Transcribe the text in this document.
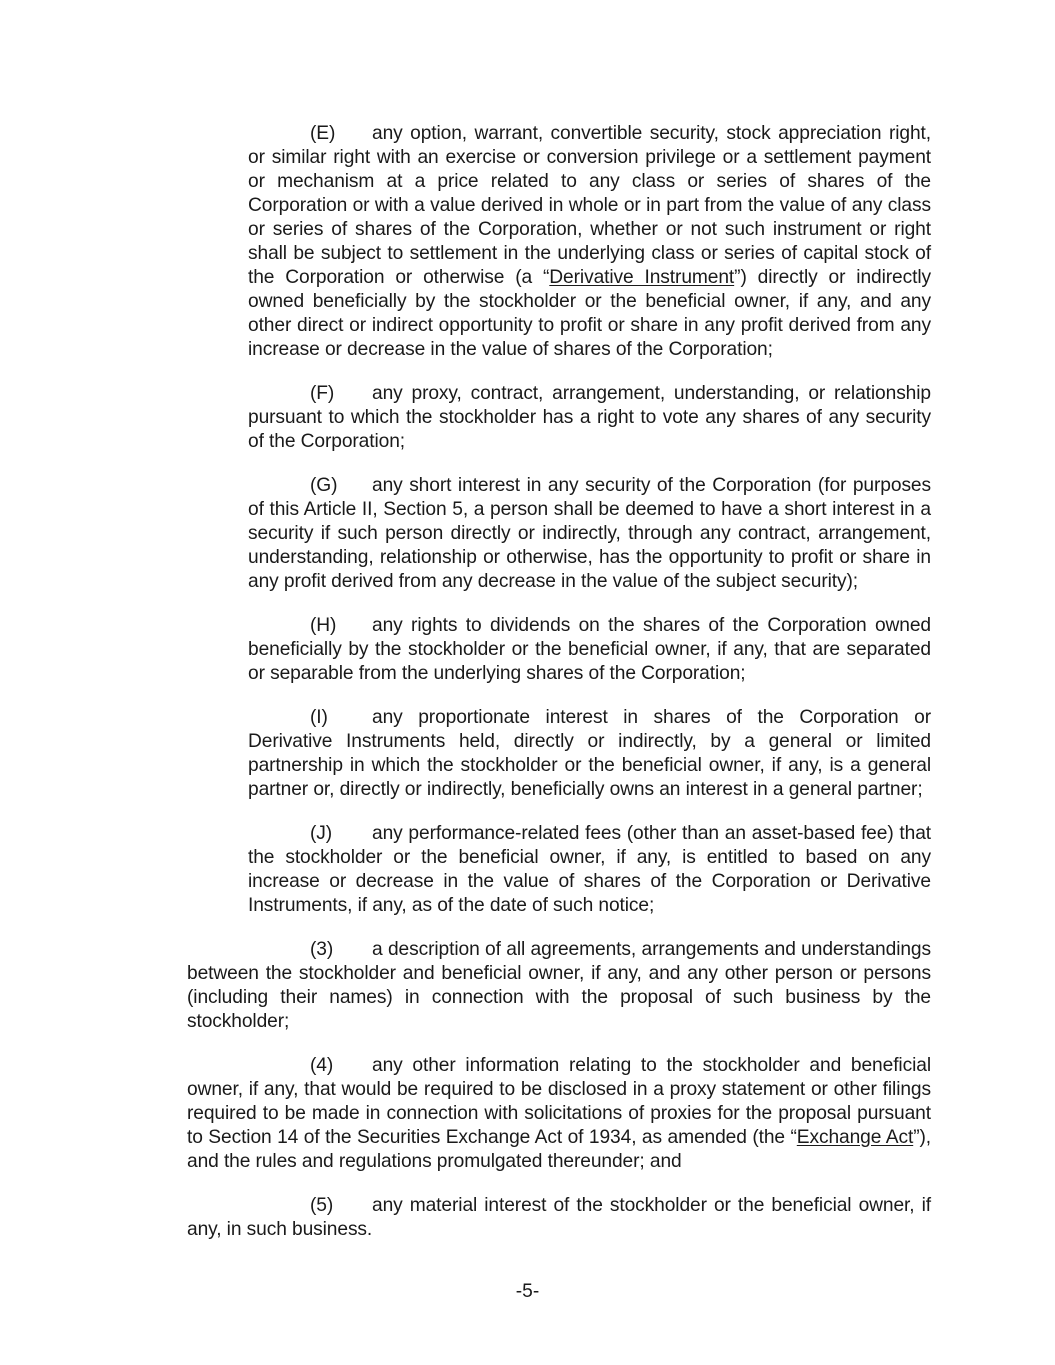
(E) any option, warrant, convertible security, stock appreciation right, or similar right with an exercise or conversion privilege or a settlement payment or mechanism at a price related to any class or series of shares of the Corporation or with a value derived in whole or in part from the value of any class or series of shares of the Corporation, whether or not such instrument or right shall be subject to settlement in the underlying class or series of capital stock of the Corporation or otherwise (a “Derivative Instrument”) directly or indirectly owned beneficially by the stockholder or the beneficial owner, if any, and any other direct or indirect opportunity to profit or share in any profit derived from any increase or decrease in the value of shares of the Corporation;

(F) any proxy, contract, arrangement, understanding, or relationship pursuant to which the stockholder has a right to vote any shares of any security of the Corporation;

(G) any short interest in any security of the Corporation (for purposes of this Article II, Section 5, a person shall be deemed to have a short interest in a security if such person directly or indirectly, through any contract, arrangement, understanding, relationship or otherwise, has the opportunity to profit or share in any profit derived from any decrease in the value of the subject security);

(H) any rights to dividends on the shares of the Corporation owned beneficially by the stockholder or the beneficial owner, if any, that are separated or separable from the underlying shares of the Corporation;

(I) any proportionate interest in shares of the Corporation or Derivative Instruments held, directly or indirectly, by a general or limited partnership in which the stockholder or the beneficial owner, if any, is a general partner or, directly or indirectly, beneficially owns an interest in a general partner;

(J) any performance-related fees (other than an asset-based fee) that the stockholder or the beneficial owner, if any, is entitled to based on any increase or decrease in the value of shares of the Corporation or Derivative Instruments, if any, as of the date of such notice;

(3) a description of all agreements, arrangements and understandings between the stockholder and beneficial owner, if any, and any other person or persons (including their names) in connection with the proposal of such business by the stockholder;

(4) any other information relating to the stockholder and beneficial owner, if any, that would be required to be disclosed in a proxy statement or other filings required to be made in connection with solicitations of proxies for the proposal pursuant to Section 14 of the Securities Exchange Act of 1934, as amended (the “Exchange Act”), and the rules and regulations promulgated thereunder; and

(5) any material interest of the stockholder or the beneficial owner, if any, in such business.

-5-
